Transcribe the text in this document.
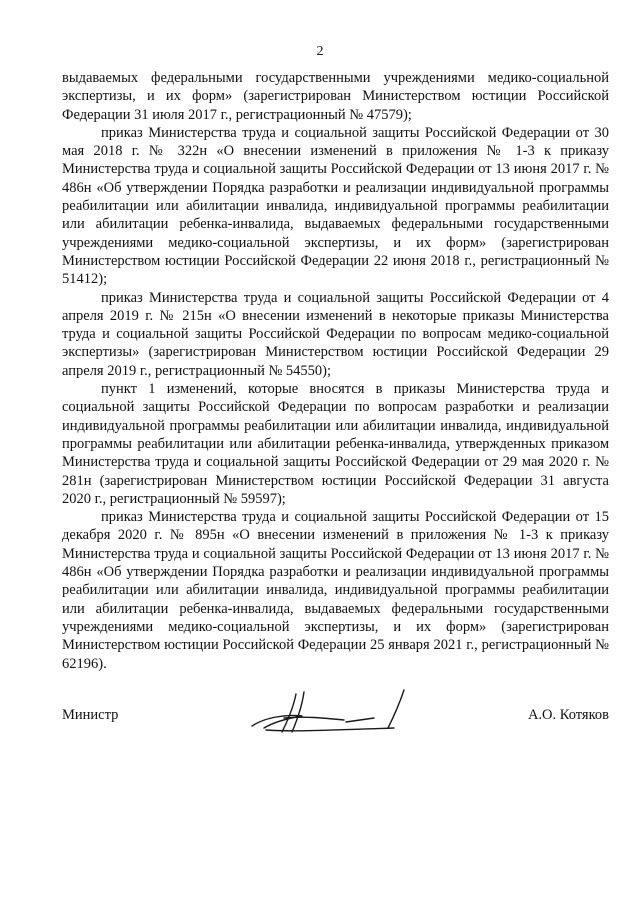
2

выдаваемых федеральными государственными учреждениями медико-социальной экспертизы, и их форм» (зарегистрирован Министерством юстиции Российской Федерации 31 июля 2017 г., регистрационный № 47579);

приказ Министерства труда и социальной защиты Российской Федерации от 30 мая 2018 г. № 322н «О внесении изменений в приложения № 1-3 к приказу Министерства труда и социальной защиты Российской Федерации от 13 июня 2017 г. № 486н «Об утверждении Порядка разработки и реализации индивидуальной программы реабилитации или абилитации инвалида, индивидуальной программы реабилитации или абилитации ребенка-инвалида, выдаваемых федеральными государственными учреждениями медико-социальной экспертизы, и их форм» (зарегистрирован Министерством юстиции Российской Федерации 22 июня 2018 г., регистрационный № 51412);

приказ Министерства труда и социальной защиты Российской Федерации от 4 апреля 2019 г. № 215н «О внесении изменений в некоторые приказы Министерства труда и социальной защиты Российской Федерации по вопросам медико-социальной экспертизы» (зарегистрирован Министерством юстиции Российской Федерации 29 апреля 2019 г., регистрационный № 54550);

пункт 1 изменений, которые вносятся в приказы Министерства труда и социальной защиты Российской Федерации по вопросам разработки и реализации индивидуальной программы реабилитации или абилитации инвалида, индивидуальной программы реабилитации или абилитации ребенка-инвалида, утвержденных приказом Министерства труда и социальной защиты Российской Федерации от 29 мая 2020 г. № 281н (зарегистрирован Министерством юстиции Российской Федерации 31 августа 2020 г., регистрационный № 59597);

приказ Министерства труда и социальной защиты Российской Федерации от 15 декабря 2020 г. № 895н «О внесении изменений в приложения № 1-3 к приказу Министерства труда и социальной защиты Российской Федерации от 13 июня 2017 г. № 486н «Об утверждении Порядка разработки и реализации индивидуальной программы реабилитации или абилитации инвалида, индивидуальной программы реабилитации или абилитации ребенка-инвалида, выдаваемых федеральными государственными учреждениями медико-социальной экспертизы, и их форм» (зарегистрирован Министерством юстиции Российской Федерации 25 января 2021 г., регистрационный № 62196).

Министр	А.О. Котяков
